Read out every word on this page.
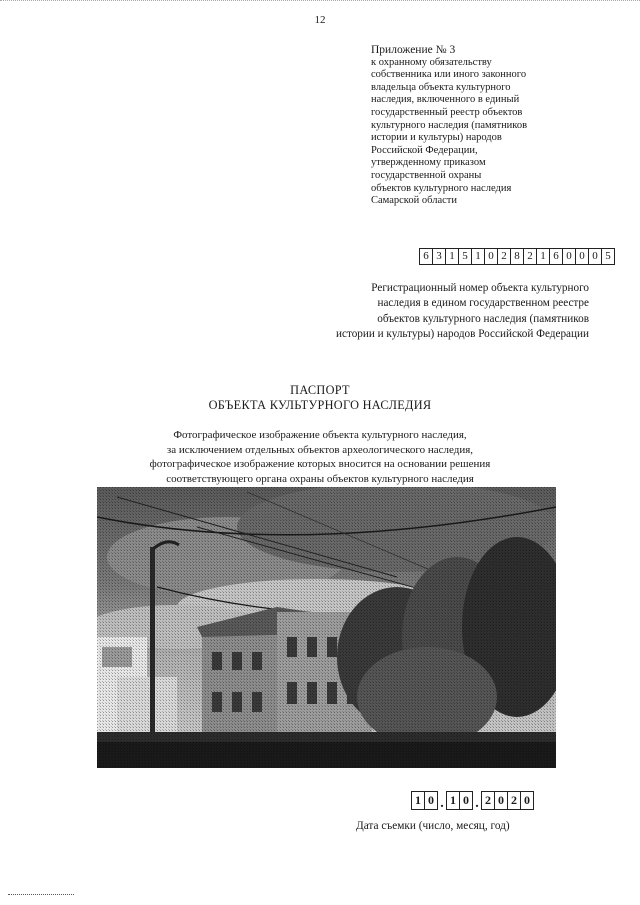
12
Приложение № 3
к охранному обязательству
собственника или иного законного
владельца объекта культурного
наследия, включенного в единый
государственный реестр объектов
культурного наследия (памятников
истории и культуры) народов
Российской Федерации,
утвержденному приказом
государственной охраны
объектов культурного наследия
Самарской области
6 3 1 5 1 0 2 8 2 1 6 0 0 0 5
Регистрационный номер объекта культурного
наследия в едином государственном реестре
объектов культурного наследия (памятников
истории и культуры) народов Российской Федерации
ПАСПОРТ
ОБЪЕКТА КУЛЬТУРНОГО НАСЛЕДИЯ
Фотографическое изображение объекта культурного наследия,
за исключением отдельных объектов археологического наследия,
фотографическое изображение которых вносится на основании решения
соответствующего органа охраны объектов культурного наследия
1 0 . 1 0 . 2 0 2 0
Дата съемки (число, месяц, год)
